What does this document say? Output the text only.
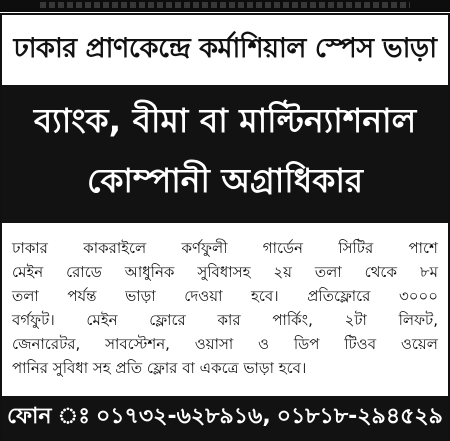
ঢাকার প্রাণকেন্দ্রে কর্মাশিয়াল স্পেস ভাড়া
ব্যাংক, বীমা বা মাল্টিন্যাশনাল
কোম্পানী অগ্রাধিকার
ঢাকার কাকরাইলে কর্ণফুলী গার্ডেন সিটির পাশে
মেইন রোডে আধুনিক সুবিধাসহ ২য় তলা থেকে ৮ম
তলা পর্যন্ত ভাড়া দেওয়া হবে। প্রতিফ্লোরে ৩০০০
বর্গফুট। মেইন ফ্লোরে কার পার্কিং, ২টা লিফট,
জেনারেটর, সাবস্টেশন, ওয়াসা ও ডিপ টিওব ওয়েল
পানির সুবিধা সহ প্রতি ফ্লোর বা একত্রে ভাড়া হবে।
ফোন ঃ ০১৭৩২-৬২৮৯১৬, ০১৮১৮-২৯৪৫২৯
